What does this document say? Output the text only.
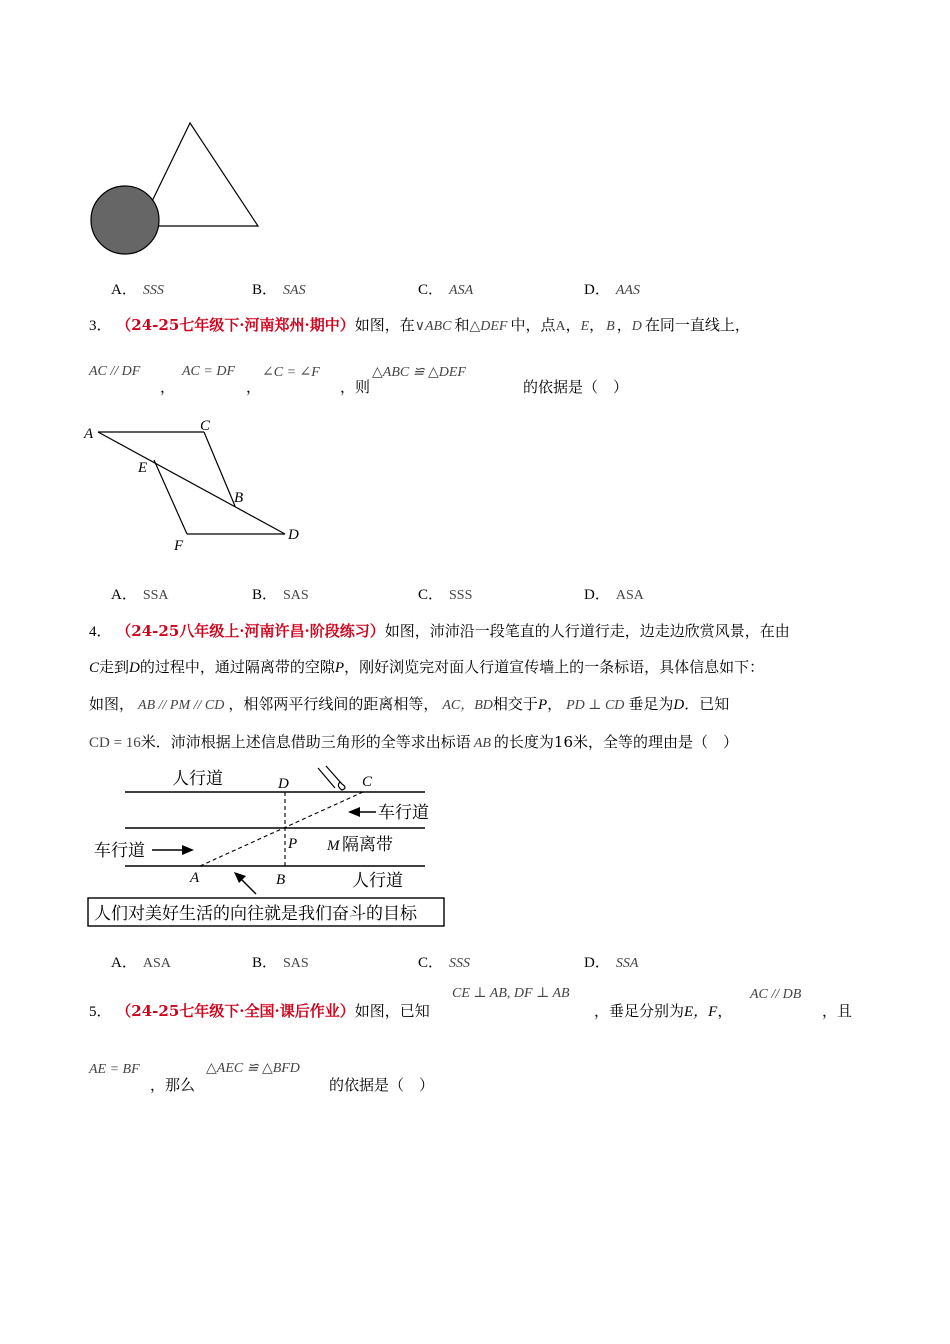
A． SSS	B． SAS	C． ASA	D． AAS
3． （24-25七年级下·河南郑州·期中）如图，在∨ABC 和△DEF 中，点A，E， B ，D 在同一直线上，
AC // DF
，
AC = DF
，
∠C = ∠F
，则
△ABC ≌ △DEF
的依据是（　）
A	C
E
B
D
F
A． SSA	B． SAS	C． SSS	D． ASA
4． （24-25八年级上·河南许昌·阶段练习）如图，沛沛沿一段笔直的人行道行走，边走边欣赏风景，在由
C走到D的过程中，通过隔离带的空隙P，刚好浏览完对面人行道宣传墙上的一条标语，具体信息如下：
如图， AB // PM // CD ，相邻两平行线间的距离相等， AC，BD相交于P， PD ⊥ CD 垂足为D．已知
CD = 16米．沛沛根据上述信息借助三角形的全等求出标语 AB 的长度为16米，全等的理由是（　）
人行道	D	C
车行道
P M 隔离带
车行道
A	B	人行道
人们对美好生活的向往就是我们奋斗的目标
A． ASA	B． SAS	C． SSS	D． SSA
5． （24-25七年级下·全国·课后作业）如图，已知
CE ⊥ AB, DF ⊥ AB
，垂足分别为E，F，
AC // DB
，且
AE = BF
，那么
△AEC ≌ △BFD
的依据是（　）
